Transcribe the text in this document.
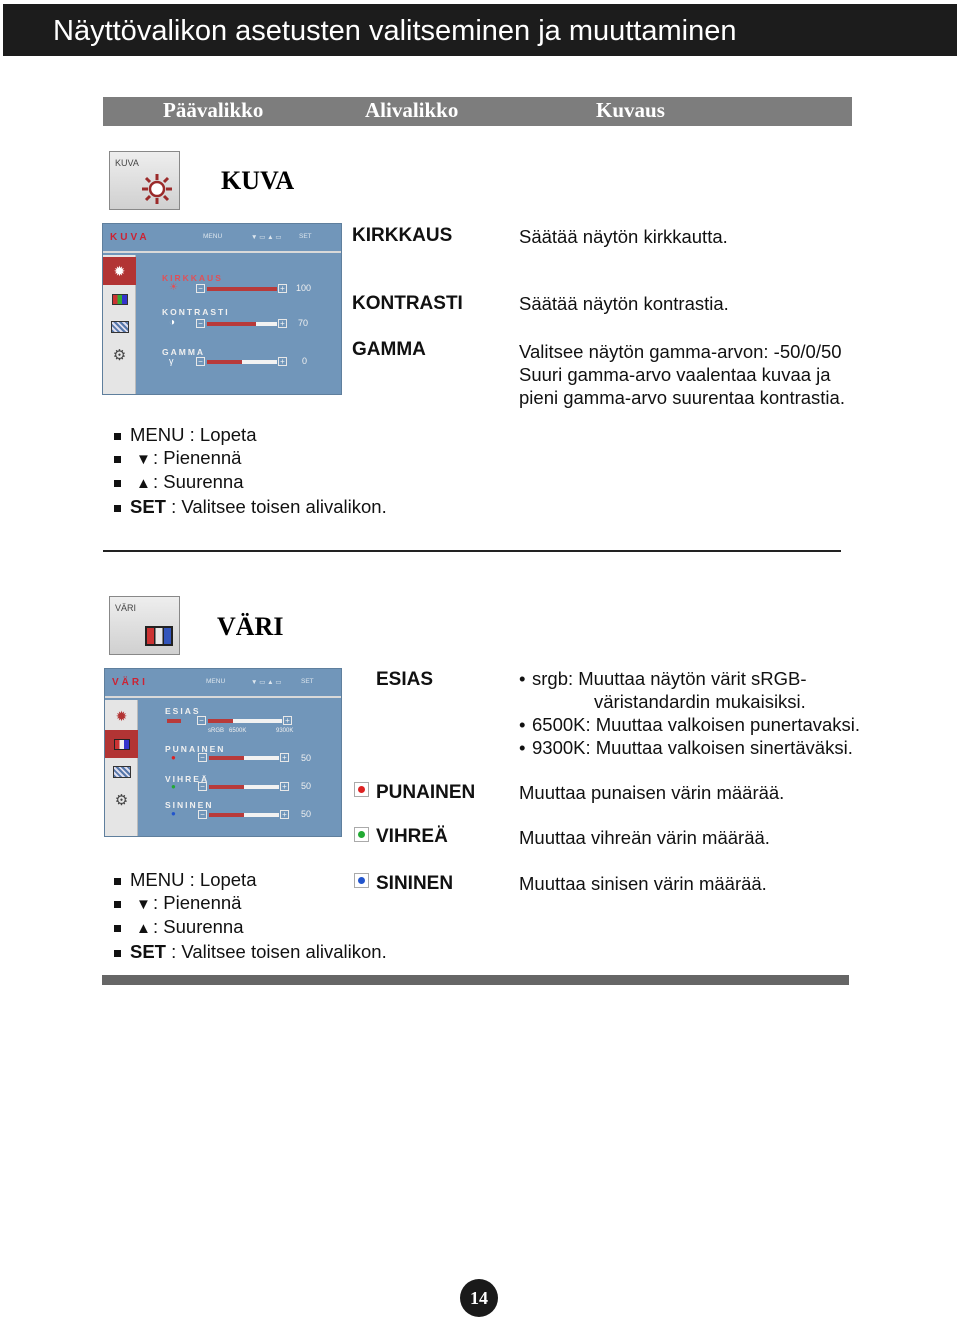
Näyttövalikon asetusten valitseminen ja muuttaminen
Päävalikko	Alivalikko	Kuvaus
KUVA
KUVA
KUVA	MENU	▼ ▭ ▲ ▭	SET
✹
⚙
KIRKKAUS
☀	−	+ 100
KONTRASTI
◑	−	+ 70
GAMMA
γ	−	+ 0
KIRKKAUS	Säätää näytön kirkkautta.
KONTRASTI	Säätää näytön kontrastia.
GAMMA	Valitsee näytön gamma-arvon: -50/0/50
Suuri gamma-arvo vaalentaa kuvaa ja
pieni gamma-arvo suurentaa kontrastia.
MENU : Lopeta
▼ : Pienennä
▲ : Suurenna
SET : Valitsee toisen alivalikon.
VÄRI
VÄRI
VÄRI	MENU	▼ ▭ ▲ ▭	SET
✹
⚙
ESIAS
−	+
sRGB 6500K	9300K
PUNAINEN
●	−	+ 50
VIHREÄ
●	−	+ 50
SININEN
●	−	+ 50
ESIAS
•	srgb: Muuttaa näytön värit sRGB-
väristandardin mukaisiksi.
• 6500K: Muuttaa valkoisen punertavaksi.
• 9300K: Muuttaa valkoisen sinertäväksi.
PUNAINEN Muuttaa punaisen värin määrää.
VIHREÄ	Muuttaa vihreän värin määrää.
SININEN	Muuttaa sinisen värin määrää.
MENU : Lopeta
▼ : Pienennä
▲ : Suurenna
SET : Valitsee toisen alivalikon.
14
